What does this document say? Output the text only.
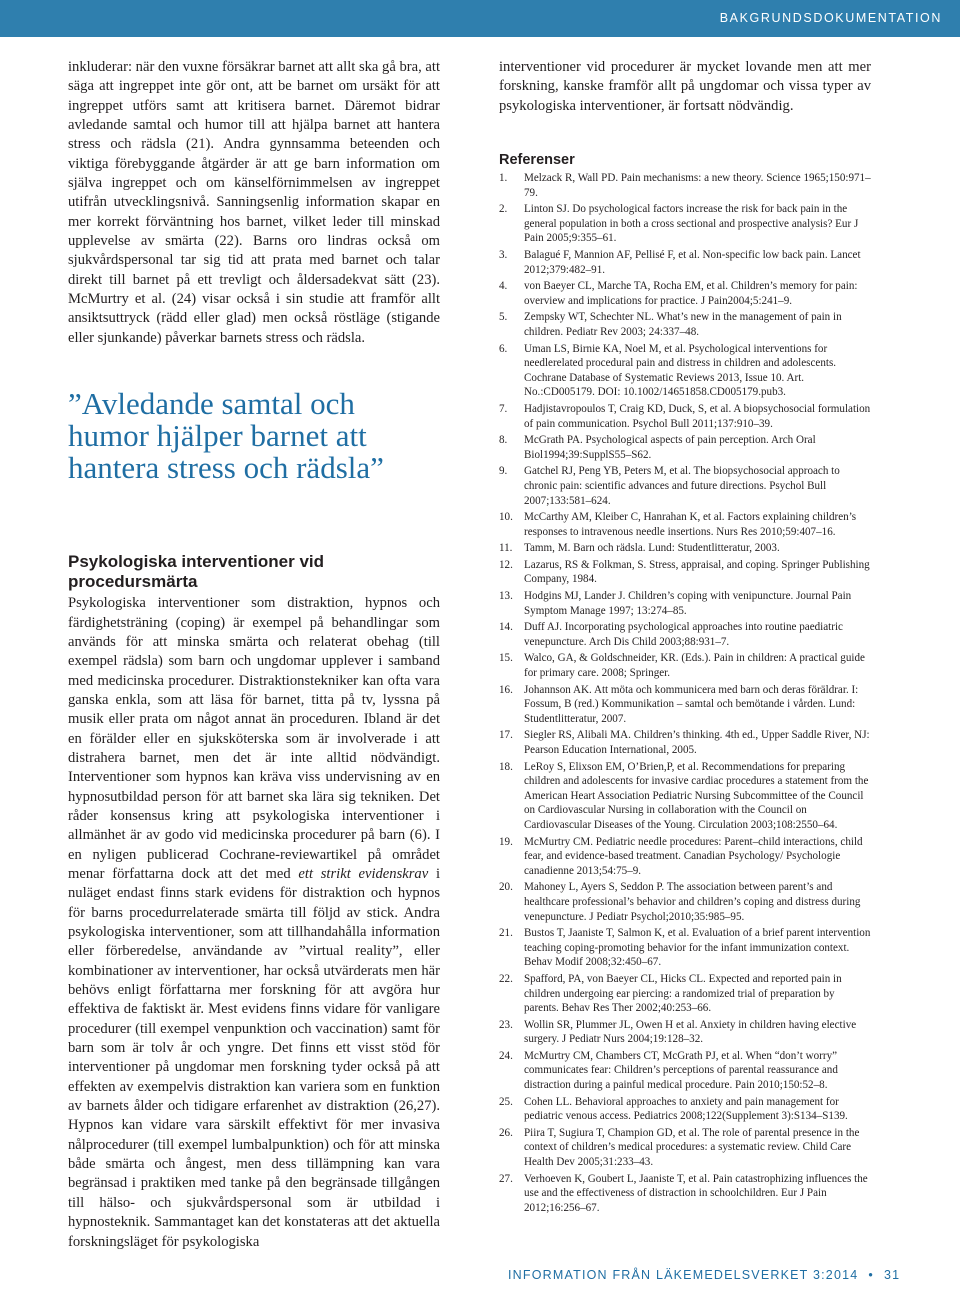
BAKGRUNDSDOKUMENTATION

inkluderar: när den vuxne försäkrar barnet att allt ska gå bra, att säga att ingreppet inte gör ont, att be barnet om ursäkt för att ingreppet utförs samt att kritisera barnet. Däremot bidrar avledande samtal och humor till att hjälpa barnet att hantera stress och rädsla (21). Andra gynnsamma beteenden och viktiga förebyggande åtgärder är att ge barn information om själva ingreppet och om känselförnimmelsen av ingreppet utifrån utvecklingsnivå. Sanningsenlig information skapar en mer korrekt förväntning hos barnet, vilket leder till minskad upplevelse av smärta (22). Barns oro lindras också om sjukvårdspersonal tar sig tid att prata med barnet och talar direkt till barnet på ett trevligt och åldersadekvat sätt (23). McMurtry et al. (24) visar också i sin studie att framför allt ansiktsuttryck (rädd eller glad) men också röstläge (stigande eller sjunkande) påverkar barnets stress och rädsla.

”Avledande samtal och humor hjälper barnet att hantera stress och rädsla”
Psykologiska interventioner vid procedursmärta

Psykologiska interventioner som distraktion, hypnos och färdighetsträning (coping) är exempel på behandlingar som används för att minska smärta och relaterat obehag (till exempel rädsla) som barn och ungdomar upplever i samband med medicinska procedurer. Distraktionstekniker kan ofta vara ganska enkla, som att läsa för barnet, titta på tv, lyssna på musik eller prata om något annat än proceduren. Ibland är det en förälder eller en sjuksköterska som är involverade i att distrahera barnet, men det är inte alltid nödvändigt. Interventioner som hypnos kan kräva viss undervisning av en hypnosutbildad person för att barnet ska lära sig tekniken. Det råder konsensus kring att psykologiska interventioner i allmänhet är av godo vid medicinska procedurer på barn (6). I en nyligen publicerad Cochrane-reviewartikel på området menar författarna dock att det med ett strikt evidenskrav i nuläget endast finns stark evidens för distraktion och hypnos för barns procedurrelaterade smärta till följd av stick. Andra psykologiska interventioner, som att tillhandahålla information eller förberedelse, användande av ”virtual reality”, eller kombinationer av interventioner, har också utvärderats men här behövs enligt författarna mer forskning för att avgöra hur effektiva de faktiskt är. Mest evidens finns vidare för vanligare procedurer (till exempel venpunktion och vaccination) samt för barn som är tolv år och yngre. Det finns ett visst stöd för interventioner på ungdomar men forskning tyder också på att effekten av exempelvis distraktion kan variera som en funktion av barnets ålder och tidigare erfarenhet av distraktion (26,27). Hypnos kan vidare vara särskilt effektivt för mer invasiva nålprocedurer (till exempel lumbalpunktion) och för att minska både smärta och ångest, men dess tillämpning kan vara begränsad i praktiken med tanke på den begränsade tillgången till hälso- och sjukvårdspersonal som är utbildad i hypnosteknik. Sammantaget kan det konstateras att det aktuella forskningsläget för psykologiska

interventioner vid procedurer är mycket lovande men att mer forskning, kanske framför allt på ungdomar och vissa typer av psykologiska interventioner, är fortsatt nödvändig.

Referenser
1.	Melzack R, Wall PD. Pain mechanisms: a new theory. Science 1965;150:971–79.
2.	Linton SJ. Do psychological factors increase the risk for back pain in the general population in both a cross sectional and prospective analysis? Eur J Pain 2005;9:355–61.
3.	Balagué F, Mannion AF, Pellisé F, et al. Non-specific low back pain. Lancet 2012;379:482–91.
4.	von Baeyer CL, Marche TA, Rocha EM, et al. Children’s memory for pain: overview and implications for practice. J Pain2004;5:241–9.
5.	Zempsky WT, Schechter NL. What’s new in the management of pain in children. Pediatr Rev 2003; 24:337–48.
6.	Uman LS, Birnie KA, Noel M, et al. Psychological interventions for needlerelated procedural pain and distress in children and adolescents. Cochrane Database of Systematic Reviews 2013, Issue 10. Art. No.:CD005179. DOI: 10.1002/14651858.CD005179.pub3.
7.	Hadjistavropoulos T, Craig KD, Duck, S, et al. A biopsychosocial formulation of pain communication. Psychol Bull 2011;137:910–39.
8.	McGrath PA. Psychological aspects of pain perception. Arch Oral Biol1994;39:SupplS55–S62.
9.	Gatchel RJ, Peng YB, Peters M, et al. The biopsychosocial approach to chronic pain: scientific advances and future directions. Psychol Bull 2007;133:581–624.
10.	McCarthy AM, Kleiber C, Hanrahan K, et al. Factors explaining children’s responses to intravenous needle insertions. Nurs Res 2010;59:407–16.
11.	Tamm, M. Barn och rädsla. Lund: Studentlitteratur, 2003.
12.	Lazarus, RS & Folkman, S. Stress, appraisal, and coping. Springer Publishing Company, 1984.
13.	Hodgins MJ, Lander J. Children’s coping with venipuncture. Journal Pain Symptom Manage 1997; 13:274–85.
14.	Duff AJ. Incorporating psychological approaches into routine paediatric venepuncture. Arch Dis Child 2003;88:931–7.
15.	Walco, GA, & Goldschneider, KR. (Eds.). Pain in children: A practical guide for primary care. 2008; Springer.
16.	Johannson AK. Att möta och kommunicera med barn och deras föräldrar. I: Fossum, B (red.) Kommunikation – samtal och bemötande i vården. Lund: Studentlitteratur, 2007.
17.	Siegler RS, Alibali MA. Children’s thinking. 4th ed., Upper Saddle River, NJ: Pearson Education International, 2005.
18.	LeRoy S, Elixson EM, O’Brien,P, et al. Recommendations for preparing children and adolescents for invasive cardiac procedures a statement from the American Heart Association Pediatric Nursing Subcommittee of the Council on Cardiovascular Nursing in collaboration with the Council on Cardiovascular Diseases of the Young. Circulation 2003;108:2550–64.
19.	McMurtry CM. Pediatric needle procedures: Parent–child interactions, child fear, and evidence-based treatment. Canadian Psychology/ Psychologie canadienne 2013;54:75–9.
20.	Mahoney L, Ayers S, Seddon P. The association between parent’s and healthcare professional’s behavior and children’s coping and distress during venepuncture. J Pediatr Psychol;2010;35:985–95.
21.	Bustos T, Jaaniste T, Salmon K, et al. Evaluation of a brief parent intervention teaching coping-promoting behavior for the infant immunization context. Behav Modif 2008;32:450–67.
22.	Spafford, PA, von Baeyer CL, Hicks CL. Expected and reported pain in children undergoing ear piercing: a randomized trial of preparation by parents. Behav Res Ther 2002;40:253–66.
23.	Wollin SR, Plummer JL, Owen H et al. Anxiety in children having elective surgery. J Pediatr Nurs 2004;19:128–32.
24.	McMurtry CM, Chambers CT, McGrath PJ, et al. When “don’t worry” communicates fear: Children’s perceptions of parental reassurance and distraction during a painful medical procedure. Pain 2010;150:52–8.
25.	Cohen LL. Behavioral approaches to anxiety and pain management for pediatric venous access. Pediatrics 2008;122(Supplement 3):S134–S139.
26.	Piira T, Sugiura T, Champion GD, et al. The role of parental presence in the context of children’s medical procedures: a systematic review. Child Care Health Dev 2005;31:233–43.
27.	Verhoeven K, Goubert L, Jaaniste T, et al. Pain catastrophizing influences the use and the effectiveness of distraction in schoolchildren. Eur J Pain 2012;16:256–67.
INFORMATION FRÅN LÄKEMEDELSVERKET 3:2014 • 31
